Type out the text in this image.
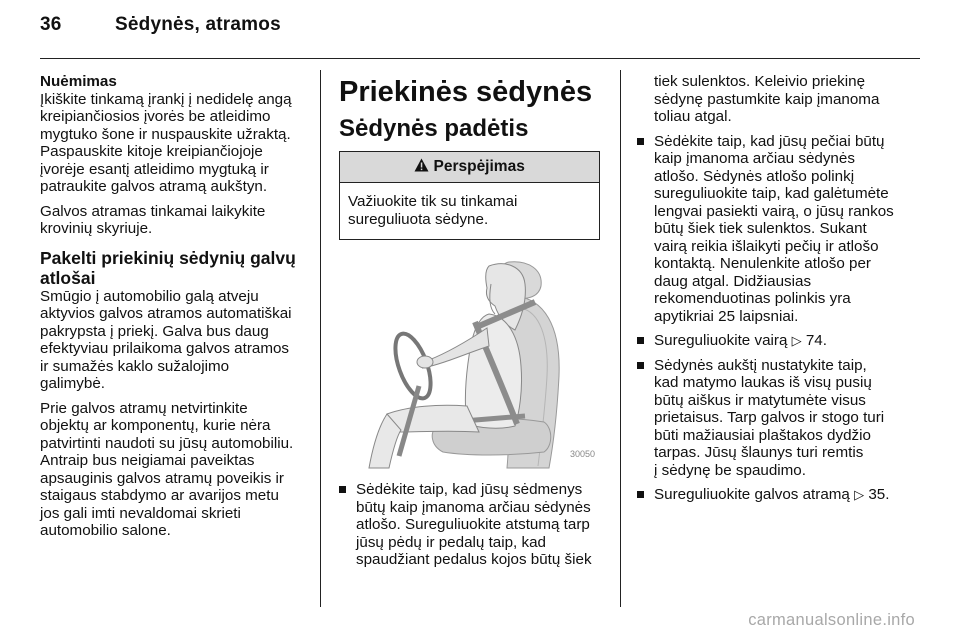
36	Sėdynės, atramos
Nuėmimas

Įkiškite tinkamą įrankį į nedidelę angą
kreipiančiosios įvorės be atleidimo
mygtuko šone ir nuspauskite užraktą.
Paspauskite kitoje kreipiančiojoje
įvorėje esantį atleidimo mygtuką ir
patraukite galvos atramą aukštyn.

Galvos atramas tinkamai laikykite
krovinių skyriuje.

Pakelti priekinių sėdynių galvų
atlošai

Smūgio į automobilio galą atveju
aktyvios galvos atramos automatiškai
pakrypsta į priekį. Galva bus daug
efektyviau prilaikoma galvos atramos
ir sumažės kaklo sužalojimo
galimybė.

Prie galvos atramų netvirtinkite
objektų ar komponentų, kurie nėra
patvirtinti naudoti su jūsų automobiliu.
Antraip bus neigiamai paveiktas
apsauginis galvos atramų poveikis ir
staigaus stabdymo ar avarijos metu
jos gali imti nevaldomai skrieti
automobilio salone.

Priekinės sėdynės
Sėdynės padėtis
Perspėjimas
Važiuokite tik su tinkamai
sureguliuota sėdyne.
30050
Sėdėkite taip, kad jūsų sėdmenys
būtų kaip įmanoma arčiau sėdynės
atlošo. Sureguliuokite atstumą tarp
jūsų pėdų ir pedalų taip, kad
spaudžiant pedalus kojos būtų šiek

tiek sulenktos. Keleivio priekinę
sėdynę pastumkite kaip įmanoma
toliau atgal.

Sėdėkite taip, kad jūsų pečiai būtų
kaip įmanoma arčiau sėdynės
atlošo. Sėdynės atlošo polinkį
sureguliuokite taip, kad galėtumėte
lengvai pasiekti vairą, o jūsų rankos
būtų šiek tiek sulenktos. Sukant
vairą reikia išlaikyti pečių ir atlošo
kontaktą. Nenulenkite atlošo per
daug atgal. Didžiausias
rekomenduotinas polinkis yra
apytikriai 25 laipsniai.
Sureguliuokite vairą ▷ 74.
Sėdynės aukštį nustatykite taip,
kad matymo laukas iš visų pusių
būtų aiškus ir matytumėte visus
prietaisus. Tarp galvos ir stogo turi
būti mažiausiai plaštakos dydžio
tarpas. Jūsų šlaunys turi remtis
į sėdynę be spaudimo.
Sureguliuokite galvos atramą ▷ 35.
carmanualsonline.info
